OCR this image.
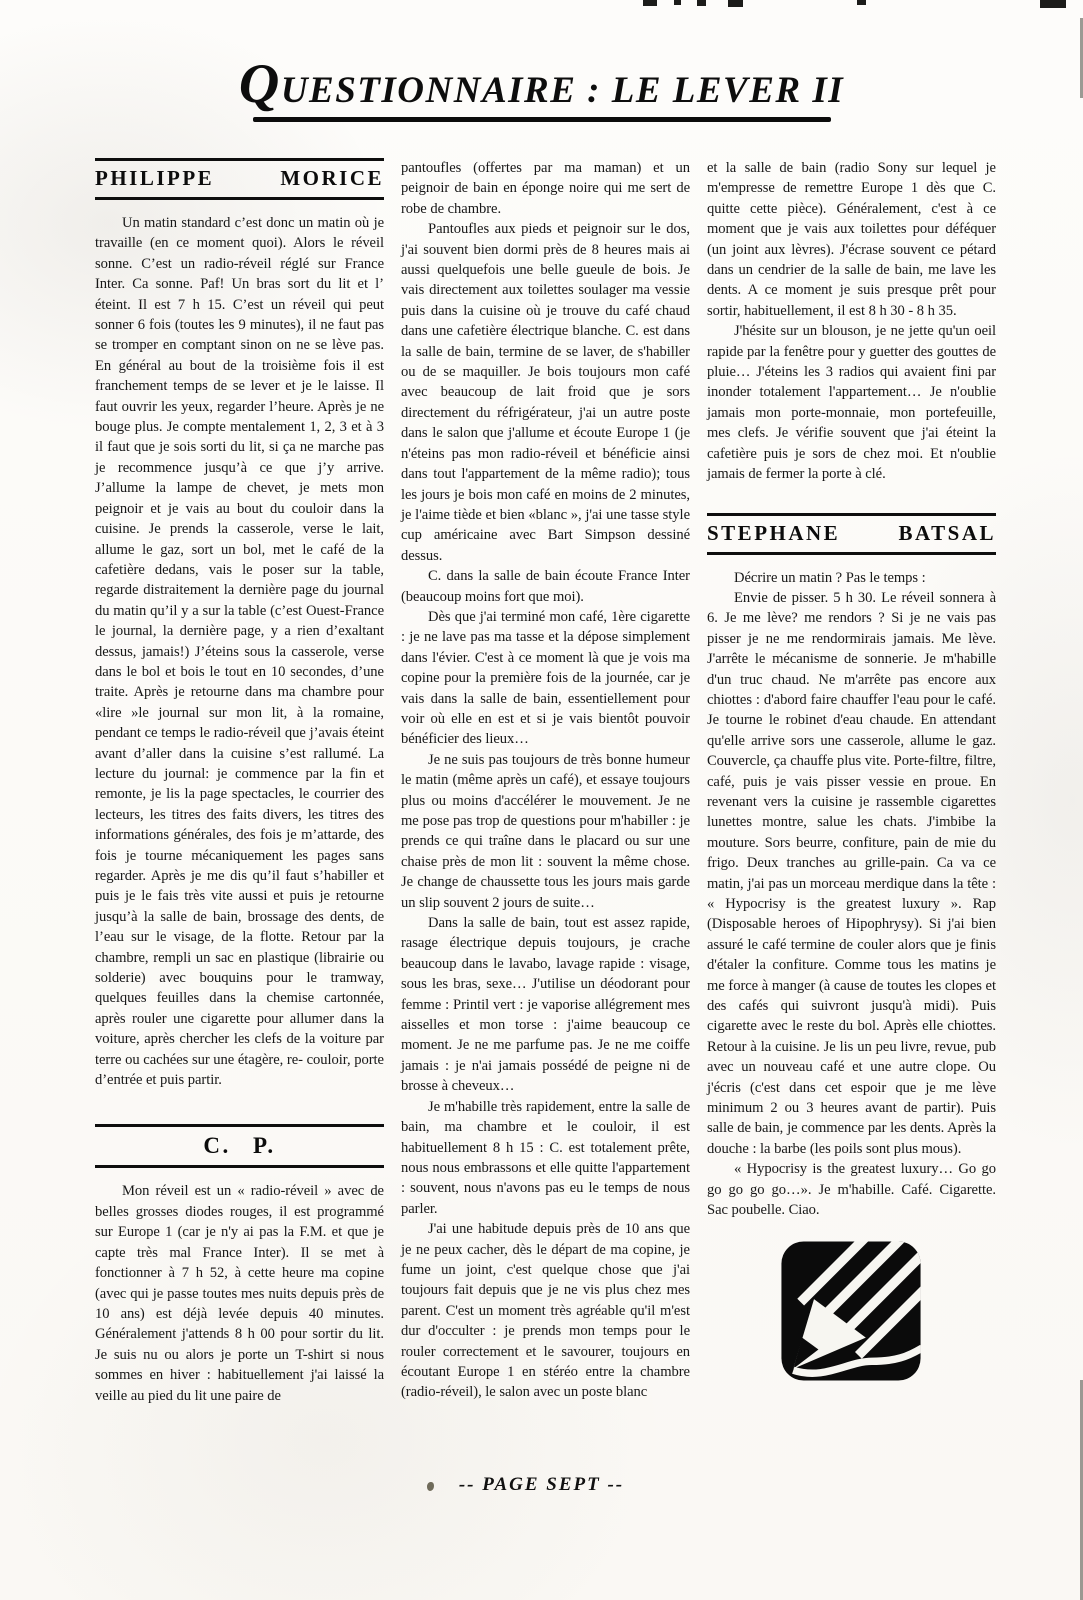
QUESTIONNAIRE : LE LEVER II
PHILIPPE MORICE

Un matin standard c’est donc un matin où je travaille (en ce moment quoi). Alors le réveil sonne. C’est un radio-réveil réglé sur France Inter. Ca sonne. Paf! Un bras sort du lit et l’ éteint. Il est 7 h 15. C’est un réveil qui peut sonner 6 fois (toutes les 9 minutes), il ne faut pas se tromper en comptant sinon on ne se lève pas. En général au bout de la troisième fois il est franchement temps de se lever et je le laisse. Il faut ouvrir les yeux, regarder l’heure. Après je ne bouge plus. Je compte mentalement 1, 2, 3 et à 3 il faut que je sois sorti du lit, si ça ne marche pas je recommence jusqu’à ce que j’y arrive. J’allume la lampe de chevet, je mets mon peignoir et je vais au bout du couloir dans la cuisine. Je prends la casserole, verse le lait, allume le gaz, sort un bol, met le café de la cafetière dedans, vais le poser sur la table, regarde distraitement la dernière page du journal du matin qu’il y a sur la table (c’est Ouest-France le journal, la dernière page, y a rien d’exaltant dessus, jamais!) J’éteins sous la casserole, verse dans le bol et bois le tout en 10 secondes, d’une traite. Après je retourne dans ma chambre pour «lire »le journal sur mon lit, à la romaine, pendant ce temps le radio-réveil que j’avais éteint avant d’aller dans la cuisine s’est rallumé. La lecture du journal: je commence par la fin et remonte, je lis la page spectacles, le courrier des lecteurs, les titres des faits divers, les titres des informations générales, des fois je m’attarde, des fois je tourne mécaniquement les pages sans regarder. Après je me dis qu’il faut s’habiller et puis je le fais très vite aussi et puis je retourne jusqu’à la salle de bain, brossage des dents, de l’eau sur le visage, de la flotte. Retour par la chambre, rempli un sac en plastique (librairie ou solderie) avec bouquins pour le tramway, quelques feuilles dans la chemise cartonnée, après rouler une cigarette pour allumer dans la voiture, après chercher les clefs de la voiture par terre ou cachées sur une étagère, re- couloir, porte d’entrée et puis partir.

C. P.

Mon réveil est un « radio-réveil » avec de belles grosses diodes rouges, il est programmé sur Europe 1 (car je n'y ai pas la F.M. et que je capte très mal France Inter). Il se met à fonctionner à 7 h 52, à cette heure ma copine (avec qui je passe toutes mes nuits depuis près de 10 ans) est déjà levée depuis 40 minutes. Généralement j'attends 8 h 00 pour sortir du lit. Je suis nu ou alors je porte un T-shirt si nous sommes en hiver : habituellement j'ai laissé la veille au pied du lit une paire de

pantoufles (offertes par ma maman) et un peignoir de bain en éponge noire qui me sert de robe de chambre.

Pantoufles aux pieds et peignoir sur le dos, j'ai souvent bien dormi près de 8 heures mais ai aussi quelquefois une belle gueule de bois. Je vais directement aux toilettes soulager ma vessie puis dans la cuisine où je trouve du café chaud dans une cafetière électrique blanche. C. est dans la salle de bain, termine de se laver, de s'habiller ou de se maquiller. Je bois toujours mon café avec beaucoup de lait froid que je sors directement du réfrigérateur, j'ai un autre poste dans le salon que j'allume et écoute Europe 1 (je n'éteins pas mon radio-réveil et bénéficie ainsi dans tout l'appartement de la même radio); tous les jours je bois mon café en moins de 2 minutes, je l'aime tiède et bien «blanc », j'ai une tasse style cup américaine avec Bart Simpson dessiné dessus.

C. dans la salle de bain écoute France Inter (beaucoup moins fort que moi).

Dès que j'ai terminé mon café, 1ère cigarette : je ne lave pas ma tasse et la dépose simplement dans l'évier. C'est à ce moment là que je vois ma copine pour la première fois de la journée, car je vais dans la salle de bain, essentiellement pour voir où elle en est et si je vais bientôt pouvoir bénéficier des lieux…

Je ne suis pas toujours de très bonne humeur le matin (même après un café), et essaye toujours plus ou moins d'accélérer le mouvement. Je ne me pose pas trop de questions pour m'habiller : je prends ce qui traîne dans le placard ou sur une chaise près de mon lit : souvent la même chose. Je change de chaussette tous les jours mais garde un slip souvent 2 jours de suite…

Dans la salle de bain, tout est assez rapide, rasage électrique depuis toujours, je crache beaucoup dans le lavabo, lavage rapide : visage, sous les bras, sexe… J'utilise un déodorant pour femme : Printil vert : je vaporise allégrement mes aisselles et mon torse : j'aime beaucoup ce moment. Je ne me parfume pas. Je ne me coiffe jamais : je n'ai jamais possédé de peigne ni de brosse à cheveux…

Je m'habille très rapidement, entre la salle de bain, ma chambre et le couloir, il est habituellement 8 h 15 : C. est totalement prête, nous nous embrassons et elle quitte l'appartement : souvent, nous n'avons pas eu le temps de nous parler.

J'ai une habitude depuis près de 10 ans que je ne peux cacher, dès le départ de ma copine, je fume un joint, c'est quelque chose que j'ai toujours fait depuis que je ne vis plus chez mes parent. C'est un moment très agréable qu'il m'est dur d'occulter : je prends mon temps pour le rouler correctement et le savourer, toujours en écoutant Europe 1 en stéréo entre la chambre (radio-réveil), le salon avec un poste blanc

et la salle de bain (radio Sony sur lequel je m'empresse de remettre Europe 1 dès que C. quitte cette pièce). Généralement, c'est à ce moment que je vais aux toilettes pour déféquer (un joint aux lèvres). J'écrase souvent ce pétard dans un cendrier de la salle de bain, me lave les dents. A ce moment je suis presque prêt pour sortir, habituellement, il est 8 h 30 - 8 h 35.

J'hésite sur un blouson, je ne jette qu'un oeil rapide par la fenêtre pour y guetter des gouttes de pluie… J'éteins les 3 radios qui avaient fini par inonder totalement l'appartement… Je n'oublie jamais mon porte-monnaie, mon portefeuille, mes clefs. Je vérifie souvent que j'ai éteint la cafetière puis je sors de chez moi. Et n'oublie jamais de fermer la porte à clé.

STEPHANE BATSAL

Décrire un matin ? Pas le temps :

Envie de pisser. 5 h 30. Le réveil sonnera à 6. Je me lève? me rendors ? Si je ne vais pas pisser je ne me rendormirais jamais. Me lève. J'arrête le mécanisme de sonnerie. Je m'habille d'un truc chaud. Ne m'arrête pas encore aux chiottes : d'abord faire chauffer l'eau pour le café. Je tourne le robinet d'eau chaude. En attendant qu'elle arrive sors une casserole, allume le gaz. Couvercle, ça chauffe plus vite. Porte-filtre, filtre, café, puis je vais pisser vessie en proue. En revenant vers la cuisine je rassemble cigarettes lunettes montre, salue les chats. J'imbibe la mouture. Sors beurre, confiture, pain de mie du frigo. Deux tranches au grille-pain. Ca va ce matin, j'ai pas un morceau merdique dans la tête : « Hypocrisy is the greatest luxury ». Rap (Disposable heroes of Hipophrysy). Si j'ai bien assuré le café termine de couler alors que je finis d'étaler la confiture. Comme tous les matins je me force à manger (à cause de toutes les clopes et des cafés qui suivront jusqu'à midi). Puis cigarette avec le reste du bol. Après elle chiottes. Retour à la cuisine. Je lis un peu livre, revue, pub avec un nouveau café et une autre clope. Ou j'écris (c'est dans cet espoir que je me lève minimum 2 ou 3 heures avant de partir). Puis salle de bain, je commence par les dents. Après la douche : la barbe (les poils sont plus mous).

« Hypocrisy is the greatest luxury… Go go go go go go…». Je m'habille. Café. Cigarette. Sac poubelle. Ciao.

-- PAGE SEPT --
